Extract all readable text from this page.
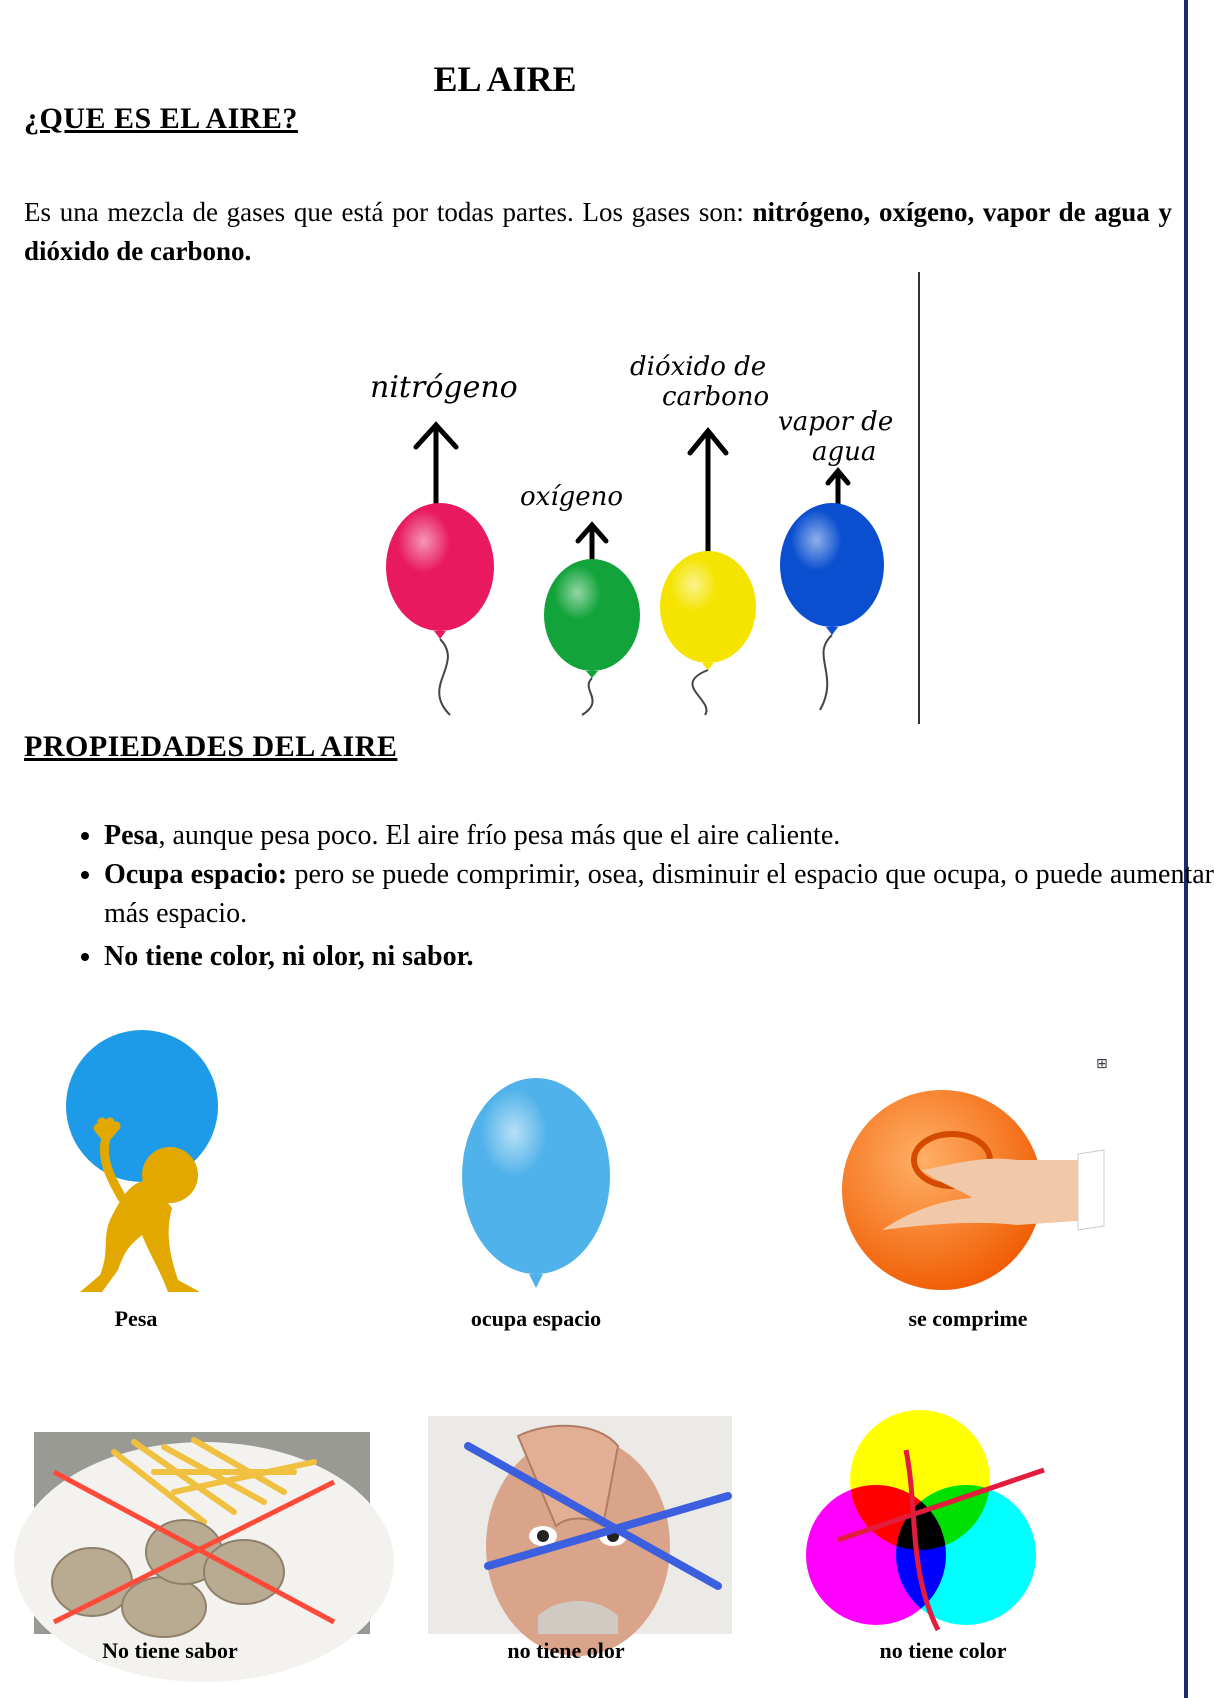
EL AIRE
¿QUE ES EL AIRE?
Es una mezcla de gases que está por todas partes. Los gases son: nitrógeno, oxígeno, vapor de agua y dióxido de carbono.
nitrógeno
oxígeno
dióxido de
carbono
vapor de
agua
PROPIEDADES DEL AIRE
• Pesa, aunque pesa poco. El aire frío pesa más que el aire caliente.
• Ocupa espacio: pero se puede comprimir, osea, disminuir el espacio que ocupa, o puede aumentar más espacio.
• No tiene color, ni olor, ni sabor.
⊞
Pesa	ocupa espacio	se comprime
No tiene sabor	no tiene olor	no tiene color
